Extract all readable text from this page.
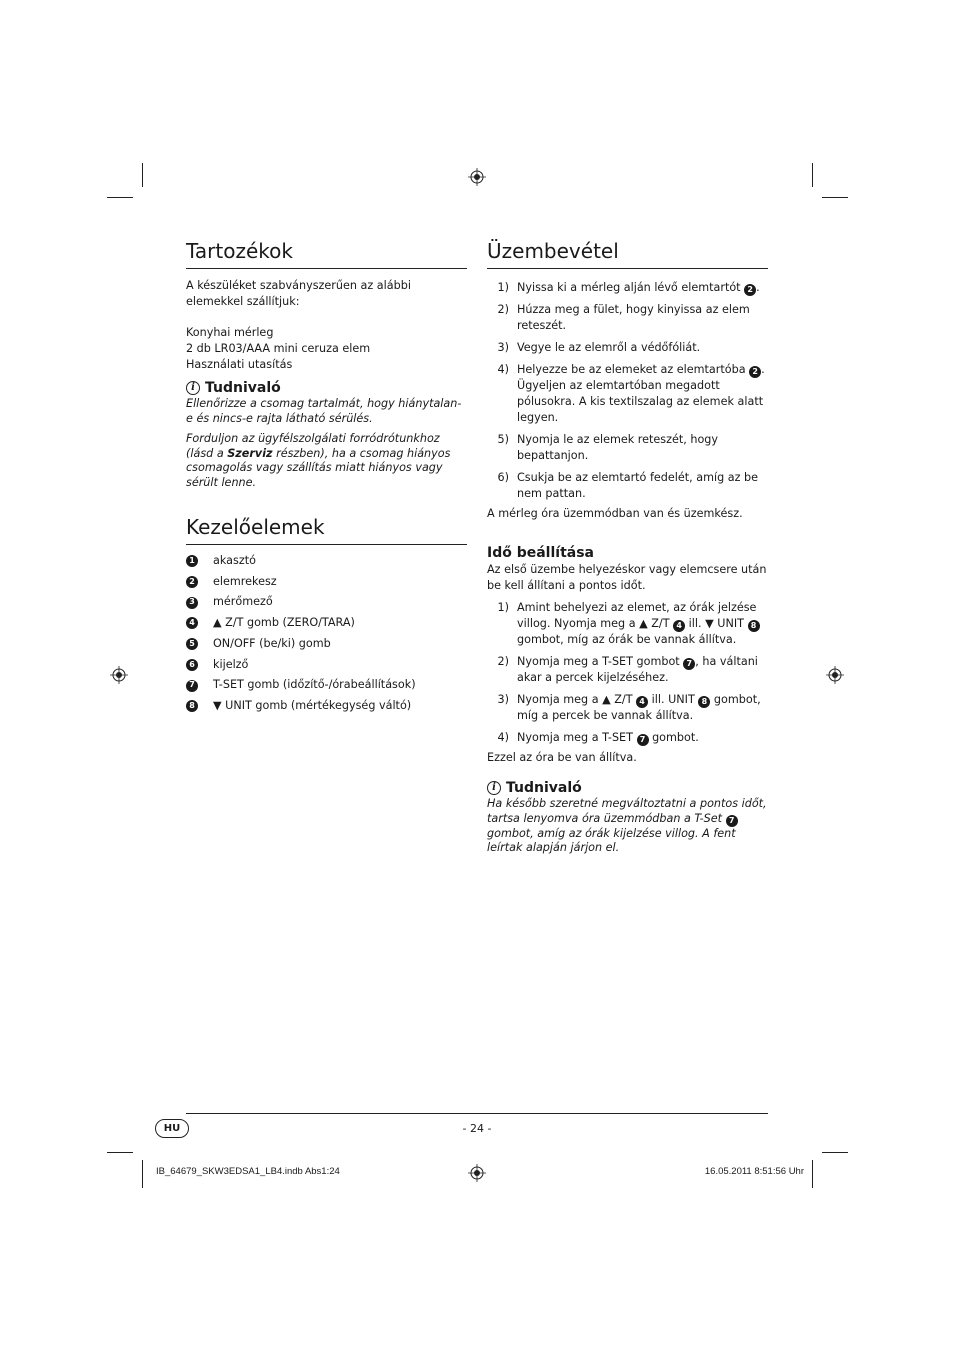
Tartozékok
A készüléket szabványszerűen az alábbi elemekkel szállítjuk:
Konyhai mérleg
2 db LR03/AAA mini ceruza elem
Használati utasítás
i Tudnivaló
Ellenőrizze a csomag tartalmát, hogy hiánytalan-e és nincs-e rajta látható sérülés.
Forduljon az ügyfélszolgálati forródrótunkhoz (lásd a Szerviz részben), ha a csomag hiányos csomagolás vagy szállítás miatt hiányos vagy sérült lenne.
Kezelőelemek
1 akasztó
2 elemrekesz
3 mérőmező
4 ▲ Z/T gomb (ZERO/TARA)
5 ON/OFF (be/ki) gomb
6 kijelző
7 T-SET gomb (időzítő-/órabeállítások)
8 ▼ UNIT gomb (mértékegység váltó)
Üzembevétel
1) Nyissa ki a mérleg alján lévő elemtartót 2 .
2) Húzza meg a fület, hogy kinyissa az elem reteszét.
3) Vegye le az elemről a védőfóliát.
4) Helyezze be az elemeket az elemtartóba 2 . Ügyeljen az elemtartóban megadott pólusokra. A kis textilszalag az elemek alatt legyen.
5) Nyomja le az elemek reteszét, hogy bepattanjon.
6) Csukja be az elemtartó fedelét, amíg az be nem pattan.
A mérleg óra üzemmódban van és üzemkész.
Idő beállítása
Az első üzembe helyezéskor vagy elemcsere után be kell állítani a pontos időt.
1) Amint behelyezi az elemet, az órák jelzése villog. Nyomja meg a ▲ Z/T 4 ill. ▼ UNIT 8 gombot, míg az órák be vannak állítva.
2) Nyomja meg a T-SET gombot 7 , ha váltani akar a percek kijelzéséhez.
3) Nyomja meg a ▲ Z/T 4 ill. UNIT 8 gombot, míg a percek be vannak állítva.
4) Nyomja meg a T-SET 7 gombot.
Ezzel az óra be van állítva.
i Tudnivaló
Ha később szeretné megváltoztatni a pontos időt, tartsa lenyomva óra üzemmódban a T-Set 7 gombot, amíg az órák kijelzése villog. A fent leírtak alapján járjon el.
HU	- 24 -
IB_64679_SKW3EDSA1_LB4.indb Abs1:24	16.05.2011 8:51:56 Uhr
